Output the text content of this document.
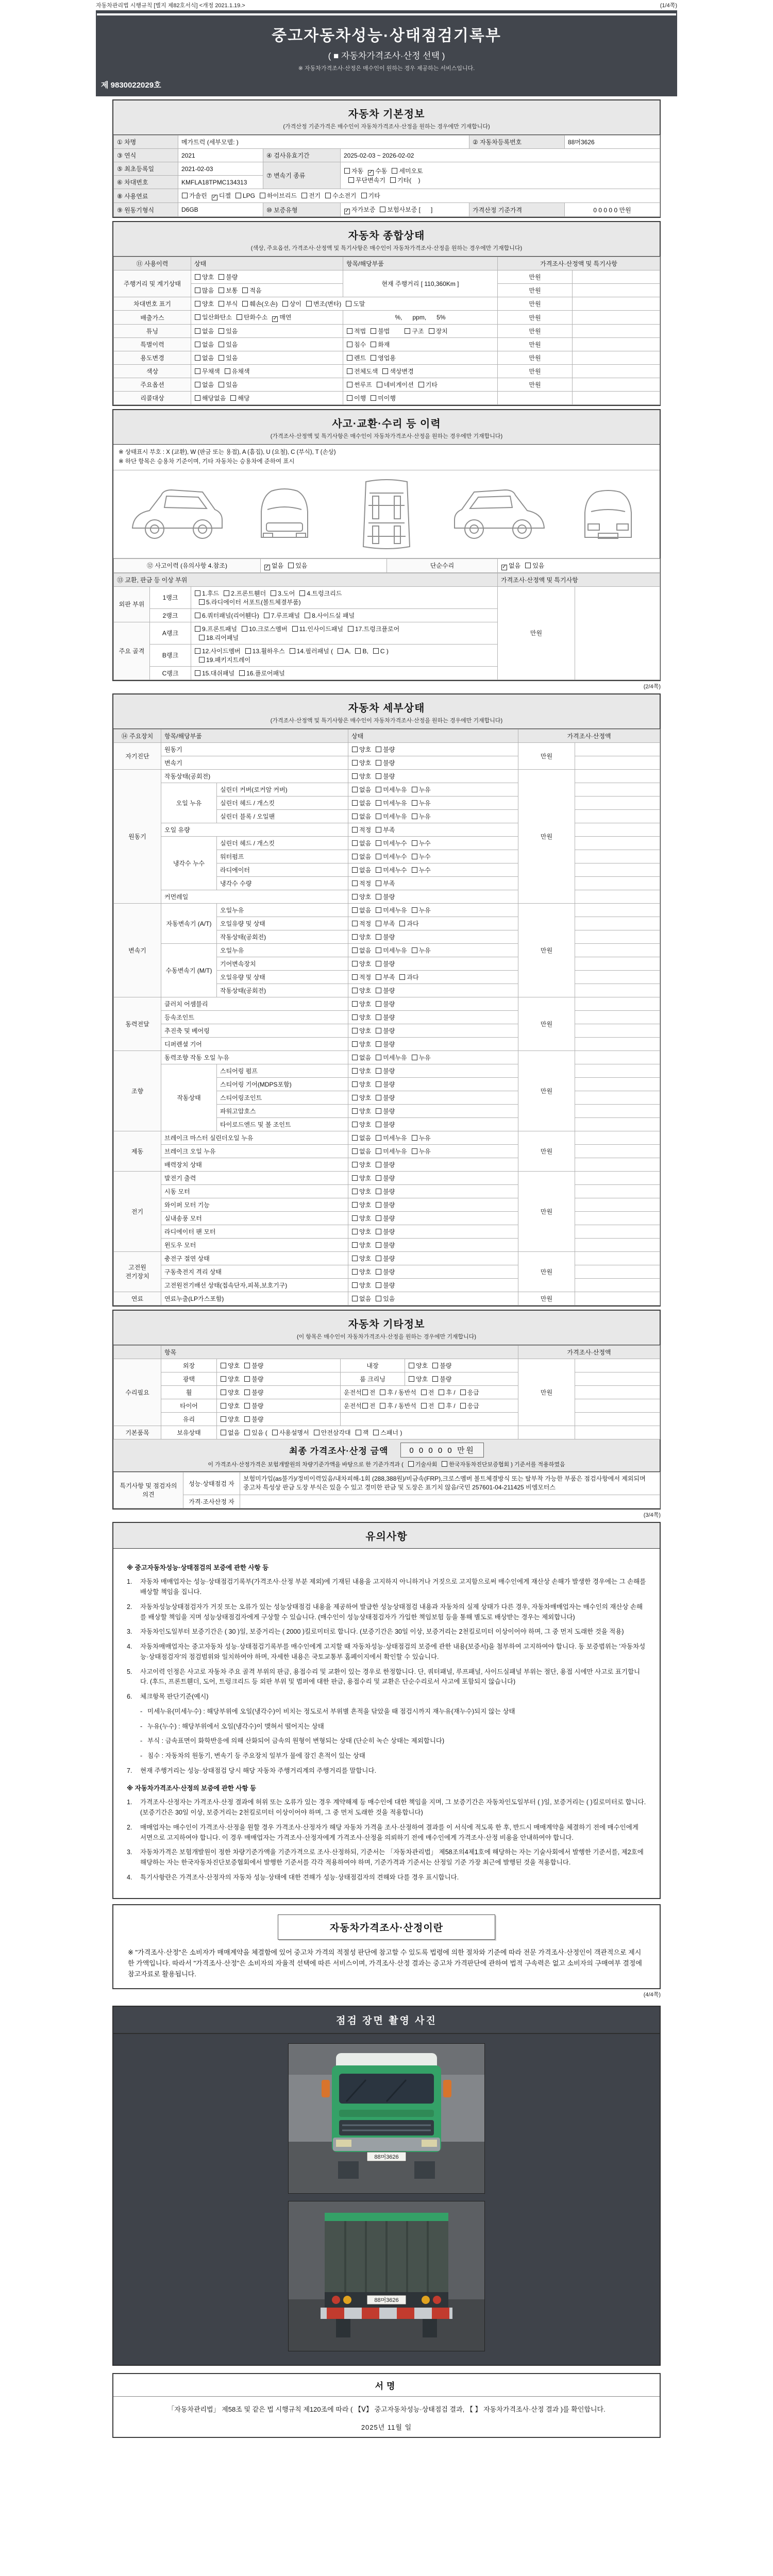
자동차관리법 시행규칙 [별지 제82호서식] <개정 2021.1.19.>	(1/4쪽)
중고자동차성능·상태점검기록부
( ■ 자동차가격조사·산정 선택 )
※ 자동차가격조사·산정은 매수인이 원하는 경우 제공하는 서비스입니다.
제 9830022029호
자동차 기본정보
(가격산정 기준가격은 매수인이 자동차가격조사·산정을 원하는 경우에만 기재합니다)
① 차명	메가트럭 (세부모델: )			② 자동차등록번호	88머3626
③ 연식	2021	④ 검사유효기간	2025-02-03 ~ 2026-02-02		
⑤ 최초등록일	2021-02-03	⑦ 변속기 종류	자동 ✓ 수동 세미오토
무단변속기 기타(    )
⑥ 차대번호	KMFLA18TPMC134313				
⑧ 사용연료	가솔린 ✓ 디젤 LPG 하이브리드 전기 수소전기 기타
⑨ 원동기형식	D6GB	⑩ 보증유형	✓자가보증 보험사보증 [      ]	가격산정 기준가격	0 0 0 0 0 만원
자동차 종합상태
(색상, 주요옵션, 가격조사·산정액 및 특기사항은 매수인이 자동차가격조사·산정을 원하는 경우에만 기재합니다)
⑪ 사용이력	상태	항목/해당부품	가격조사·산정액 및 특기사항	
주행거리 및 계기상태	양호 불량	현재 주행거리 [ 110,360Km ]	만원	
	많음 보통 적음		만원	
차대번호 표기	양호 부식 훼손(오손) 상이 변조(변타) 도말		만원	
배출가스	일산화탄소 탄화수소 ✓ 매연	%,      ppm,      5%	만원	
튜닝	없음 있음	적법 불법 구조 장치	만원	
특별이력	없음 있음	침수 화재	만원	
용도변경	없음 있음	렌트 영업용	만원	
색상	무채색 유채색	전체도색 색상변경	만원	
주요옵션	없음 있음	썬루프 네비게이션 기타	만원	
리콜대상	해당없음 해당	이행 미이행		
사고·교환·수리 등 이력
(가격조사·산정액 및 특기사항은 매수인이 자동차가격조사·산정을 원하는 경우에만 기재합니다)
※ 상태표시 부호 : X (교환), W (판금 또는 용접), A (흠집), U (요철), C (부식), T (손상)
※ 하단 항목은 승용차 기준이며, 기타 자동차는 승용차에 준하여 표시
⑫ 사고이력 (유의사항 4.참조)	✓없음 있음	단순수리	✓없음 있음
⑬ 교환, 판금 등 이상 부위			가격조사·산정액 및 특기사항	
외판 부위	1랭크	1.후드 2.프론트휀더 3.도어 4.트렁크리드
5.라디에이터 서포트(볼트체결부품)	만원	
	2랭크	6.쿼터패널(리어휀다) 7.루프패널 8.사이드실 패널		
주요 골격	A랭크	9.프론트패널 10.크로스멤버 11.인사이드패널 17.트렁크플로어
18.리어패널		
	B랭크	12.사이드멤버 13.휠하우스 14.필러패널 ( A, B, C )
19.패키지트레이		
	C랭크	15.대쉬패널 16.플로어패널		
(2/4쪽)
자동차 세부상태
(가격조사·산정액 및 특기사항은 매수인이 자동차가격조사·산정을 원하는 경우에만 기재합니다)
⑭ 주요장치	항목/해당부품		상태	가격조사·산정액	
자기진단	원동기		양호 불량	만원	
	변속기		양호 불량		
원동기	작동상태(공회전)		양호 불량	만원	
	오일 누유	실린더 커버(로커암 커버)	없음 미세누유 누유		
		실린더 헤드 / 개스킷	없음 미세누유 누유		
		실린더 블록 / 오일팬	없음 미세누유 누유		
	오일 유량		적정 부족		
	냉각수 누수	실린더 헤드 / 개스킷	없음 미세누수 누수		
		워터펌프	없음 미세누수 누수		
		라디에이터	없음 미세누수 누수		
		냉각수 수량	적정 부족		
	커먼레일		양호 불량		
변속기	자동변속기 (A/T)	오일누유	없음 미세누유 누유	만원	
		오일유량 및 상태	적정 부족 과다		
		작동상태(공회전)	양호 불량		
	수동변속기 (M/T)	오일누유	없음 미세누유 누유		
		기어변속장치	양호 불량		
		오일유량 및 상태	적정 부족 과다		
		작동상태(공회전)	양호 불량		
동력전달	클러치 어셈블리		양호 불량	만원	
	등속조인트		양호 불량		
	추진축 및 베어링		양호 불량		
	디퍼렌셜 기어		양호 불량		
조향	동력조향 작동 오일 누유		없음 미세누유 누유	만원	
	작동상태	스티어링 펌프	양호 불량		
		스티어링 기어(MDPS포함)	양호 불량		
		스티어링조인트	양호 불량		
		파워고압호스	양호 불량		
		타이로드엔드 및 볼 조인트	양호 불량		
제동	브레이크 마스터 실린더오일 누유		없음 미세누유 누유	만원	
	브레이크 오일 누유		없음 미세누유 누유		
	배력장치 상태		양호 불량		
전기	발전기 출력		양호 불량	만원	
	시동 모터		양호 불량		
	와이퍼 모터 기능		양호 불량		
	실내송풍 모터		양호 불량		
	라디에이터 팬 모터		양호 불량		
	윈도우 모터		양호 불량		
고전원 전기장치	충전구 절연 상태		양호 불량	만원	
	구동축전지 격리 상태		양호 불량		
	고전원전기배선 상태(접속단자,피복,보호기구)		양호 불량		
연료	연료누출(LP가스포함)		없음 있음	만원	
자동차 기타정보
(이 항목은 매수인이 자동차가격조사·산정을 원하는 경우에만 기재합니다)
	항목				가격조사·산정액	
수리필요	외장	양호 불량	내장	양호 불량	만원	
	광택	양호 불량	룸 크리닝	양호 불량		
	휠	양호 불량	운전석 전 후 / 동반석 전 후 / 응급			
	타이어	양호 불량	운전석 전 후 / 동반석 전 후 / 응급			
	유리	양호 불량				
기본품목	보유상태	없음 있음 ( 사용설명서 안전삼각대 잭 스패너 )				
최종 가격조사·산정 금액	0 0 0 0 0 만원
이 가격조사·산정가격은 보험개발원의 차량기준가액을 바탕으로 한 기준가격과 ( 기술사회 한국자동차진단보증협회 ) 기준서를 적용하였음
특기사항 및 점검자의 의견	성능·상태점검 자	보험미가입(as불가)/정비이력있음/내차피해-1회 (288,388원)/비금속(FRP),크로스멤버 볼트체결방식 또는 탈부착 가능한 부품은 점검사항에서 제외되며 중고차 특성상 판금 도장 부식은 있을 수 있고 경미한 판금 및 도장은 표기치 않음/국민 257601-04-211425 비엠모터스
	가격·조사산정 자	
(3/4쪽)
유의사항
※ 중고자동차성능·상태점검의 보증에 관한 사항 등
1.	자동차 매매업자는 성능·상태점검기록부(가격조사·산정 부분 제외)에 기재된 내용을 고지하지 아니하거나 거짓으로 고지함으로써 매수인에게 재산상 손해가 발생한 경우에는 그 손해를 배상할 책임을 집니다.
2.	자동차성능상태점검자가 거짓 또는 오류가 있는 성능상태점검 내용을 제공하여 발급한 성능상태점검 내용과 자동차의 실제 상태가 다른 경우, 자동차매매업자는 매수인의 재산상 손해를 배상할 책임을 지며 성능상태점검자에게 구상할 수 있습니다. (매수인이 성능상태점검자가 가입한 책임보험 등을 통해 별도로 배상받는 경우는 제외합니다)
3.	자동차인도일부터 보증기간은 ( 30 )일, 보증거리는 ( 2000 )킬로미터로 합니다. (보증기간은 30일 이상, 보증거리는 2천킬로미터 이상이어야 하며, 그 중 먼저 도래한 것을 적용)
4.	자동차매매업자는 중고자동차 성능·상태점검기록부를 매수인에게 고지할 때 자동차성능·상태점검의 보증에 관한 내용(보증서)을 첨부하여 고지하여야 합니다. 동 보증범위는 '자동차성능·상태점검자'의 점검범위와 일치하여야 하며, 자세한 내용은 국토교통부 홈페이지에서 확인할 수 있습니다.
5.	사고이력 인정은 사고로 자동차 주요 골격 부위의 판금, 용접수리 및 교환이 있는 경우로 한정합니다. 단, 쿼터패널, 루프패널, 사이드실패널 부위는 절단, 용접 시에만 사고로 표기합니다. (후드, 프론트휀더, 도어, 트렁크리드 등 외판 부위 및 범퍼에 대한 판금, 용접수리 및 교환은 단순수리로서 사고에 포함되지 않습니다)
6.	체크항목 판단기준(예시)
- 미세누유(미세누수) : 해당부위에 오일(냉각수)이 비치는 정도로서 부위별 흔적을 닦았을 때 점검시까지 재누유(재누수)되지 않는 상태
- 누유(누수) : 해당부위에서 오일(냉각수)이 맺혀서 떨어지는 상태
- 부식 : 금속표면이 화학반응에 의해 산화되어 금속의 원형이 변형되는 상태 (단순히 녹슨 상태는 제외합니다)
- 침수 : 자동차의 원동기, 변속기 등 주요장치 일부가 물에 잠긴 흔적이 있는 상태
7.	현재 주행거리는 성능·상태점검 당시 해당 자동차 주행거리계의 주행거리를 말합니다.
※ 자동차가격조사·산정의 보증에 관한 사항 등
1.	가격조사·산정자는 가격조사·산정 결과에 허위 또는 오류가 있는 경우 계약해제 등 매수인에 대한 책임을 지며, 그 보증기간은 자동차인도일부터 ( )일, 보증거리는 ( )킬로미터로 합니다. (보증기간은 30일 이상, 보증거리는 2천킬로미터 이상이어야 하며, 그 중 먼저 도래한 것을 적용합니다)
2.	매매업자는 매수인이 가격조사·산정을 원할 경우 가격조사·산정자가 해당 자동차 가격을 조사·산정하여 결과를 이 서식에 적도록 한 후, 반드시 매매계약을 체결하기 전에 매수인에게 서면으로 고지하여야 합니다. 이 경우 매매업자는 가격조사·산정자에게 가격조사·산정을 의뢰하기 전에 매수인에게 가격조사·산정 비용을 안내하여야 합니다.
3.	자동차가격은 보험개발원이 정한 차량기준가액을 기준가격으로 조사·산정하되, 기준서는 「자동차관리법」 제58조의4제1호에 해당하는 자는 기술사회에서 발행한 기준서를, 제2호에 해당하는 자는 한국자동차진단보증협회에서 발행한 기준서를 각각 적용하여야 하며, 기준가격과 기준서는 산정일 기준 가장 최근에 발행된 것을 적용합니다.
4.	특기사항란은 가격조사·산정자의 자동차 성능·상태에 대한 견해가 성능·상태점검자의 견해와 다를 경우 표시합니다.
자동차가격조사·산정이란
※ "가격조사·산정"은 소비자가 매매계약을 체결함에 있어 중고차 가격의 적절성 판단에 참고할 수 있도록 법령에 의한 절차와 기준에 따라 전문 가격조사·산정인이 객관적으로 제시한 가액입니다. 따라서 "가격조사·산정"은 소비자의 자율적 선택에 따른 서비스이며, 가격조사·산정 결과는 중고차 가격판단에 관하여 법적 구속력은 없고 소비자의 구매여부 결정에 참고자료로 활용됩니다.
(4/4쪽)
점검 장면 촬영 사진
88머3626
88머3626
서명
「자동차관리법」 제58조 및 같은 법 시행규칙 제120조에 따라 ( 【Ⅴ】 중고자동차성능·상태점검 결과, 【 】 자동차가격조사·산정 결과 )를 확인합니다.
2025년 11월 일
